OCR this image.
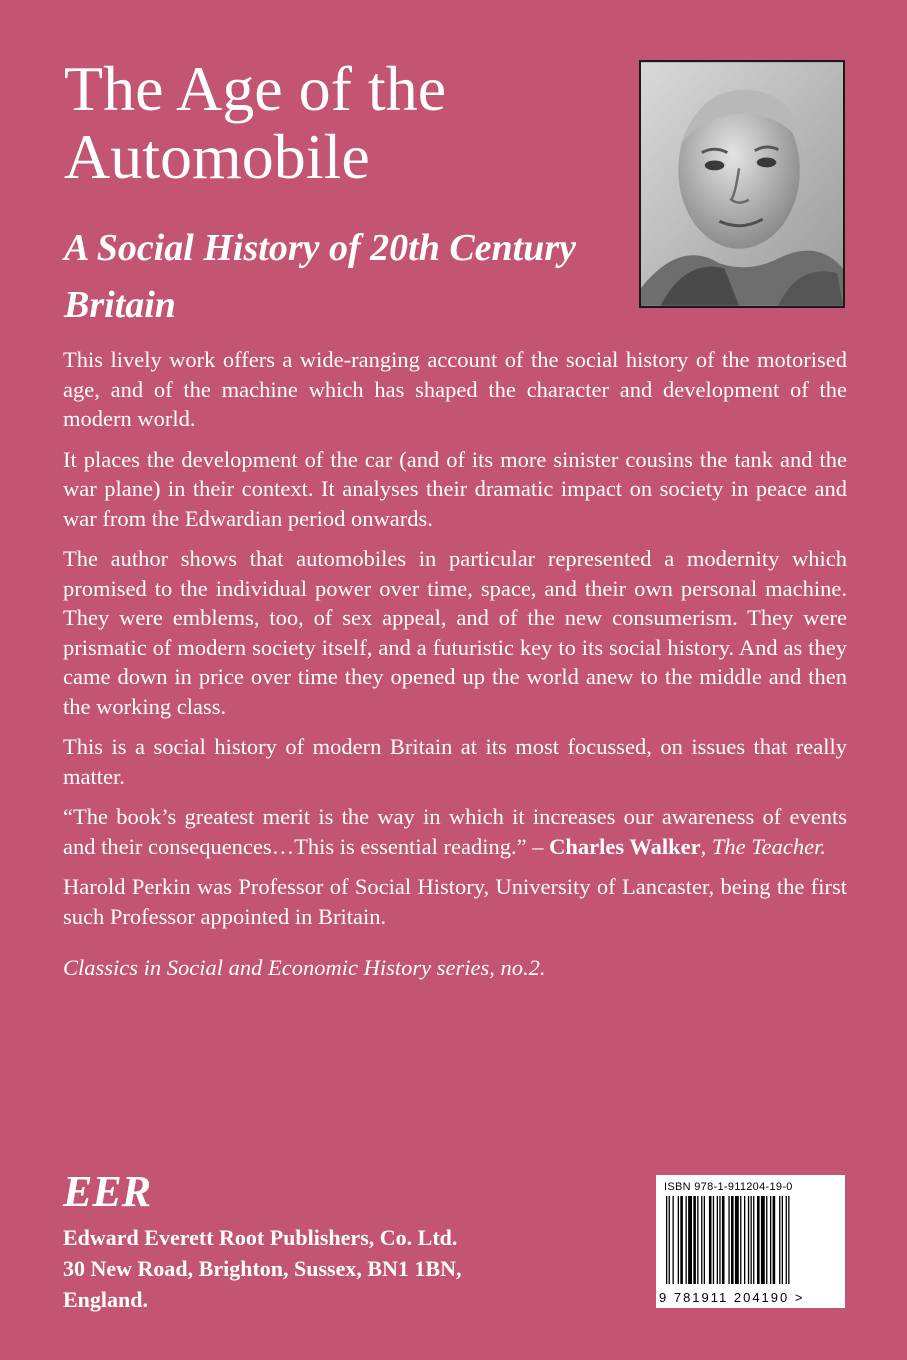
The Age of the Automobile
A Social History of 20th Century Britain

This lively work offers a wide-ranging account of the social history of the motorised age, and of the machine which has shaped the character and development of the modern world.

It places the development of the car (and of its more sinister cousins the tank and the war plane) in their context. It analyses their dramatic impact on society in peace and war from the Edwardian period onwards.

The author shows that automobiles in particular represented a modernity which promised to the individual power over time, space, and their own personal machine. They were emblems, too, of sex appeal, and of the new consumerism. They were prismatic of modern society itself, and a futuristic key to its social history. And as they came down in price over time they opened up the world anew to the middle and then the working class.

This is a social history of modern Britain at its most focussed, on issues that really matter.

“The book’s greatest merit is the way in which it increases our awareness of events and their consequences…This is essential reading.” – Charles Walker, The Teacher.

Harold Perkin was Professor of Social History, University of Lancaster, being the first such Professor appointed in Britain.

Classics in Social and Economic History series, no.2.

EER

Edward Everett Root Publishers, Co. Ltd.

30 New Road, Brighton, Sussex, BN1 1BN,

England.

ISBN 978-1-911204-19-0
9 781911 204190 >
